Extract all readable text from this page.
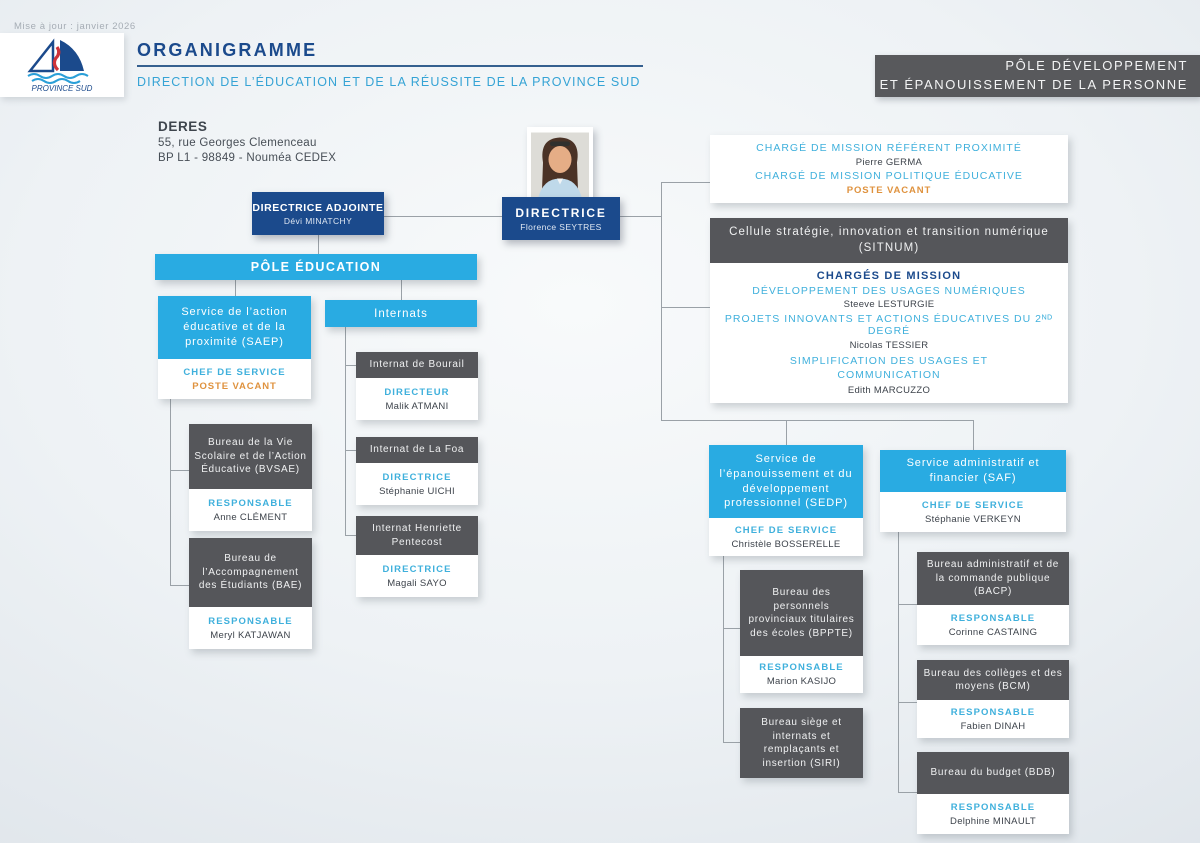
Mise à jour : janvier 2026
PROVINCE SUD
ORGANIGRAMME
DIRECTION DE L’ÉDUCATION ET DE LA RÉUSSITE DE LA PROVINCE SUD
PÔLE DÉVELOPPEMENT
ET ÉPANOUISSEMENT DE LA PERSONNE
DERES
55, rue Georges Clemenceau
BP L1 - 98849 - Nouméa CEDEX
DIRECTRICE
Florence SEYTRES
DIRECTRICE ADJOINTE
Dévi MINATCHY
CHARGÉ DE MISSION RÉFÉRENT PROXIMITÉ
Pierre GERMA
CHARGÉ DE MISSION POLITIQUE ÉDUCATIVE
POSTE VACANT
Cellule stratégie, innovation et transition numérique
(SITNUM)
CHARGÉS DE MISSION
DÉVELOPPEMENT DES USAGES NUMÉRIQUES
Steeve LESTURGIE
PROJETS INNOVANTS ET ACTIONS ÉDUCATIVES DU 2ᴺᴰ DEGRÉ
Nicolas TESSIER
SIMPLIFICATION DES USAGES ET COMMUNICATION
Edith MARCUZZO
PÔLE ÉDUCATION
Service de l’action éducative et de la proximité (SAEP)
CHEF DE SERVICE
POSTE VACANT
Internats
Internat de Bourail
DIRECTEUR
Malik ATMANI
Internat de La Foa
DIRECTRICE
Stéphanie UICHI
Internat Henriette Pentecost
DIRECTRICE
Magali SAYO
Bureau de la Vie Scolaire et de l’Action Éducative (BVSAE)
RESPONSABLE
Anne CLÉMENT
Bureau de l’Accompagnement des Étudiants (BAE)
RESPONSABLE
Meryl KATJAWAN
Service de l’épanouissement et du développement professionnel (SEDP)
CHEF DE SERVICE
Christèle BOSSERELLE
Service administratif et financier (SAF)
CHEF DE SERVICE
Stéphanie VERKEYN
Bureau des personnels provinciaux titulaires des écoles (BPPTE)
RESPONSABLE
Marion KASIJO
Bureau siège et internats et remplaçants et insertion (SIRI)
Bureau administratif et de la commande publique (BACP)
RESPONSABLE
Corinne CASTAING
Bureau des collèges et des moyens (BCM)
RESPONSABLE
Fabien DINAH
Bureau du budget (BDB)
RESPONSABLE
Delphine MINAULT
